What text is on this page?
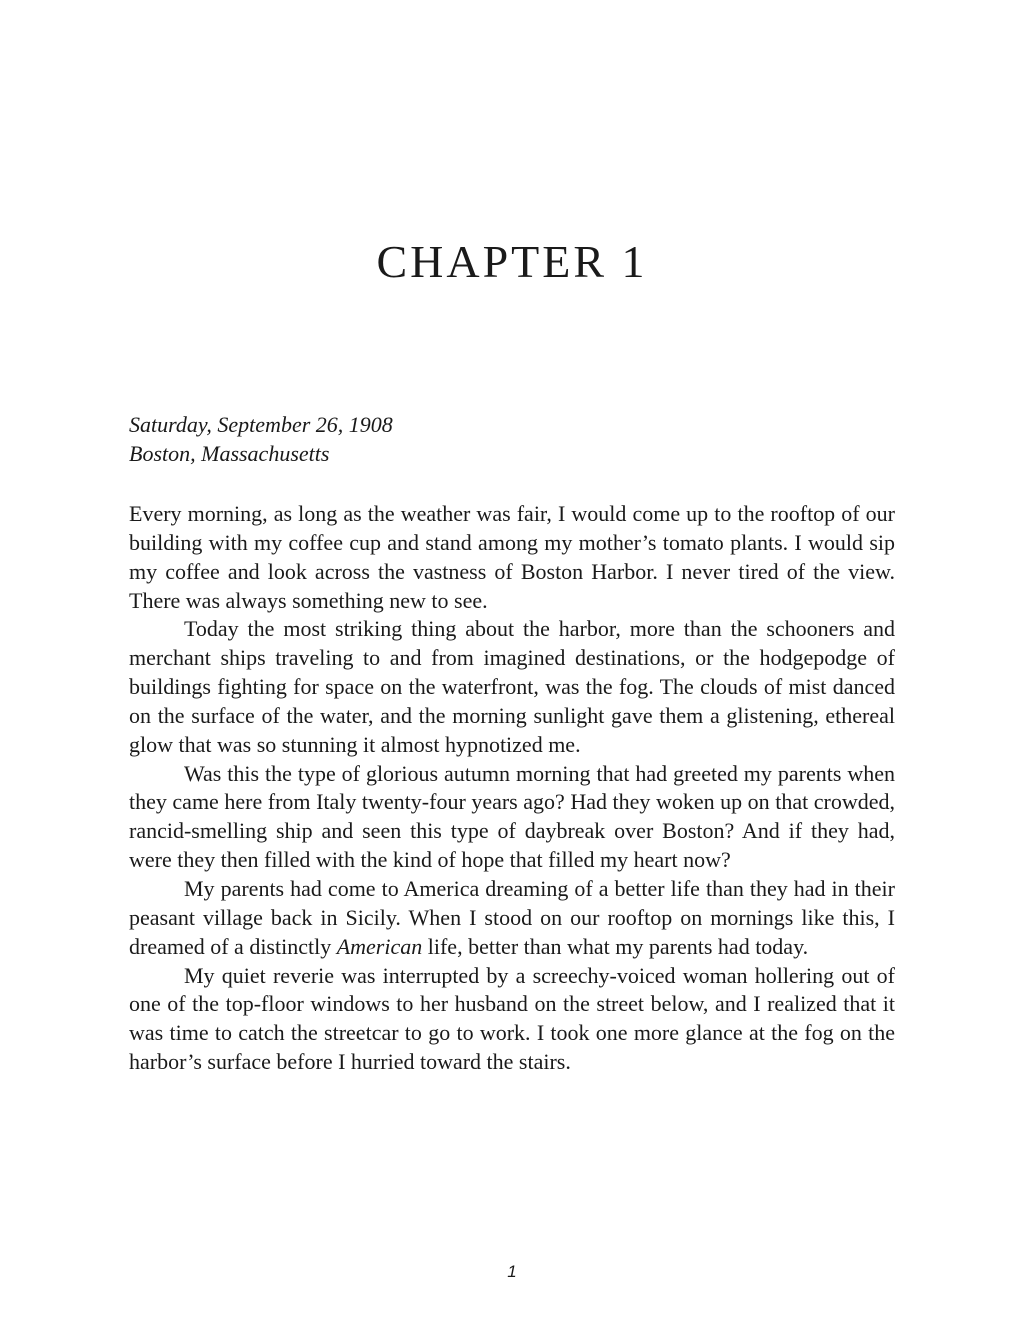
CHAPTER 1
Saturday, September 26, 1908
Boston, Massachusetts

Every morning, as long as the weather was fair, I would come up to the rooftop of our building with my coffee cup and stand among my mother’s tomato plants. I would sip my coffee and look across the vastness of Boston Harbor. I never tired of the view. There was always something new to see.

Today the most striking thing about the harbor, more than the schooners and merchant ships traveling to and from imagined destinations, or the hodgepodge of buildings fighting for space on the waterfront, was the fog. The clouds of mist danced on the surface of the water, and the morning sunlight gave them a glistening, ethereal glow that was so stunning it almost hypnotized me.

Was this the type of glorious autumn morning that had greeted my parents when they came here from Italy twenty-four years ago? Had they woken up on that crowded, rancid-smelling ship and seen this type of daybreak over Boston? And if they had, were they then filled with the kind of hope that filled my heart now?

My parents had come to America dreaming of a better life than they had in their peasant village back in Sicily. When I stood on our rooftop on mornings like this, I dreamed of a distinctly American life, better than what my parents had today.

My quiet reverie was interrupted by a screechy-voiced woman hollering out of one of the top-floor windows to her husband on the street below, and I realized that it was time to catch the streetcar to go to work. I took one more glance at the fog on the harbor’s surface before I hurried toward the stairs.

1
